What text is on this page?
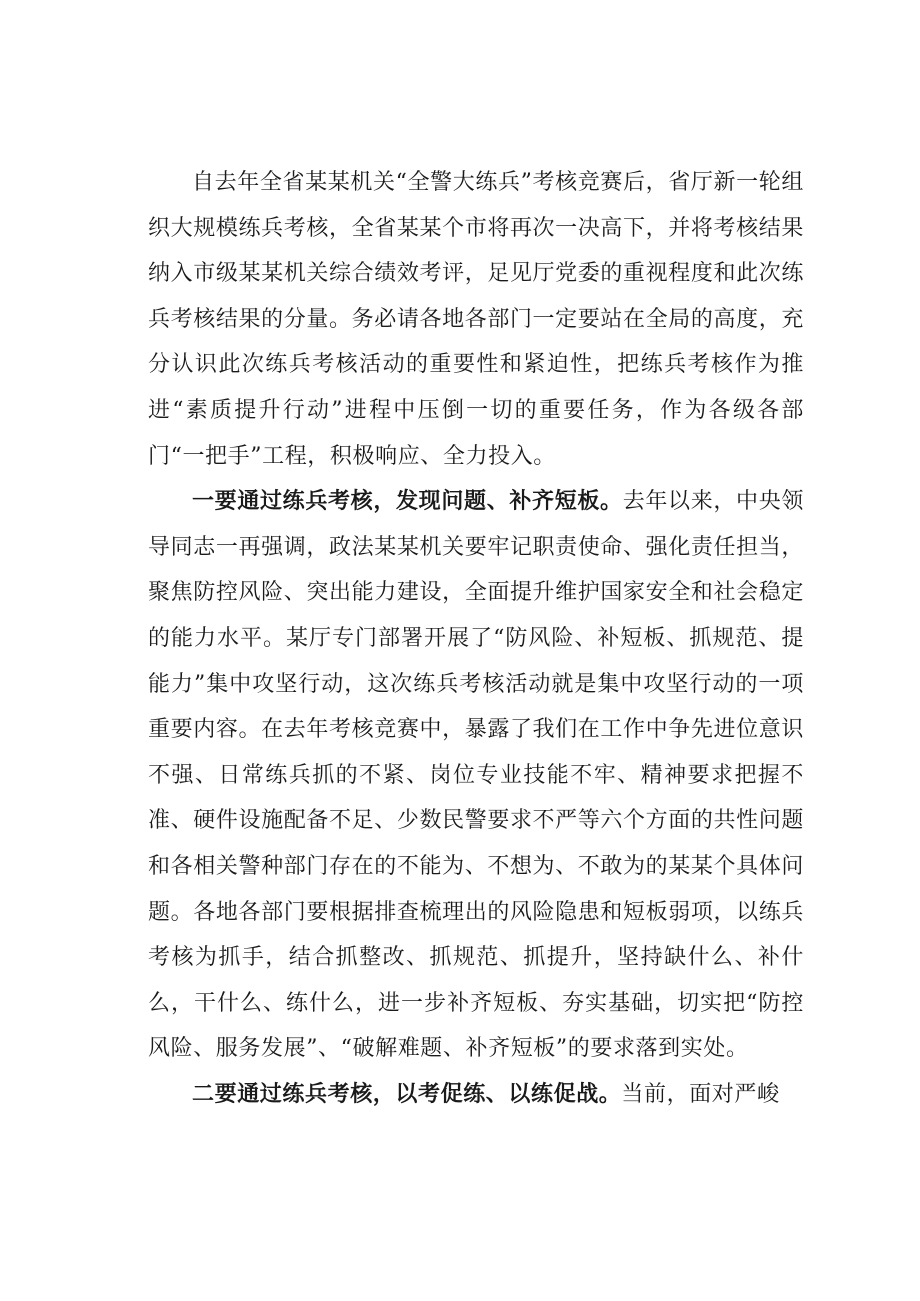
自去年全省某某机关“全警大练兵”考核竞赛后，省厅新一轮组织大规模练兵考核，全省某某个市将再次一决高下，并将考核结果纳入市级某某机关综合绩效考评，足见厅党委的重视程度和此次练兵考核结果的分量。务必请各地各部门一定要站在全局的高度，充分认识此次练兵考核活动的重要性和紧迫性，把练兵考核作为推进“素质提升行动”进程中压倒一切的重要任务，作为各级各部门“一把手”工程，积极响应、全力投入。

一要通过练兵考核，发现问题、补齐短板。去年以来，中央领导同志一再强调，政法某某机关要牢记职责使命、强化责任担当，聚焦防控风险、突出能力建设，全面提升维护国家安全和社会稳定的能力水平。某厅专门部署开展了“防风险、补短板、抓规范、提能力”集中攻坚行动，这次练兵考核活动就是集中攻坚行动的一项重要内容。在去年考核竞赛中，暴露了我们在工作中争先进位意识不强、日常练兵抓的不紧、岗位专业技能不牢、精神要求把握不准、硬件设施配备不足、少数民警要求不严等六个方面的共性问题和各相关警种部门存在的不能为、不想为、不敢为的某某个具体问题。各地各部门要根据排查梳理出的风险隐患和短板弱项，以练兵考核为抓手，结合抓整改、抓规范、抓提升，坚持缺什么、补什么，干什么、练什么，进一步补齐短板、夯实基础，切实把“防控风险、服务发展”、“破解难题、补齐短板”的要求落到实处。

二要通过练兵考核，以考促练、以练促战。当前，面对严峻
